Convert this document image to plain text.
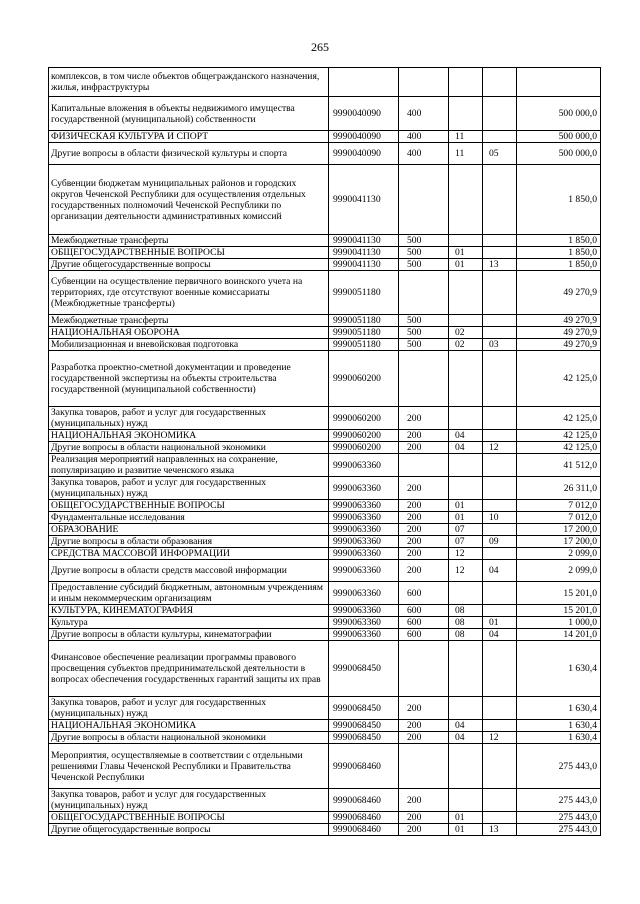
265
комплексов, в том числе объектов общегражданского назначения, жилья, инфраструктуры					
Капитальные вложения в объекты недвижимого имущества государственной (муниципальной) собственности	9990040090	400			500 000,0
ФИЗИЧЕСКАЯ КУЛЬТУРА И СПОРТ	9990040090	400	11		500 000,0
Другие вопросы в области физической культуры и спорта	9990040090	400	11	05	500 000,0
Субвенции бюджетам муниципальных районов и городских округов Чеченской Республики для осуществления отдельных государственных полномочий Чеченской Республики по организации деятельности административных комиссий	9990041130				1 850,0
Межбюджетные трансферты	9990041130	500			1 850,0
ОБЩЕГОСУДАРСТВЕННЫЕ ВОПРОСЫ	9990041130	500	01		1 850,0
Другие общегосударственные вопросы	9990041130	500	01	13	1 850,0
Субвенции на осуществление первичного воинского учета на территориях, где отсутствуют военные комиссариаты (Межбюджетные трансферты)	9990051180				49 270,9
Межбюджетные трансферты	9990051180	500			49 270,9
НАЦИОНАЛЬНАЯ ОБОРОНА	9990051180	500	02		49 270,9
Мобилизационная и вневойсковая подготовка	9990051180	500	02	03	49 270,9
Разработка проектно-сметной документации и проведение государственной экспертизы на объекты строительства государственной (муниципальной собственности)	9990060200				42 125,0
Закупка товаров, работ и услуг для государственных (муниципальных) нужд	9990060200	200			42 125,0
НАЦИОНАЛЬНАЯ ЭКОНОМИКА	9990060200	200	04		42 125,0
Другие вопросы в области национальной экономики	9990060200	200	04	12	42 125,0
Реализация мероприятий направленных на сохранение, популяризацию и развитие чеченского языка	9990063360				41 512,0
Закупка товаров, работ и услуг для государственных (муниципальных) нужд	9990063360	200			26 311,0
ОБЩЕГОСУДАРСТВЕННЫЕ ВОПРОСЫ	9990063360	200	01		7 012,0
Фундаментальные исследования	9990063360	200	01	10	7 012,0
ОБРАЗОВАНИЕ	9990063360	200	07		17 200,0
Другие вопросы в области образования	9990063360	200	07	09	17 200,0
СРЕДСТВА МАССОВОЙ ИНФОРМАЦИИ	9990063360	200	12		2 099,0
Другие вопросы в области средств массовой информации	9990063360	200	12	04	2 099,0
Предоставление субсидий бюджетным, автономным учреждениям и иным некоммерческим организациям	9990063360	600			15 201,0
КУЛЬТУРА, КИНЕМАТОГРАФИЯ	9990063360	600	08		15 201,0
Культура	9990063360	600	08	01	1 000,0
Другие вопросы в области культуры, кинематографии	9990063360	600	08	04	14 201,0
Финансовое обеспечение реализации программы правового просвещения субъектов предпринимательской деятельности в вопросах обеспечения государственных гарантий защиты их прав	9990068450				1 630,4
Закупка товаров, работ и услуг для государственных (муниципальных) нужд	9990068450	200			1 630,4
НАЦИОНАЛЬНАЯ ЭКОНОМИКА	9990068450	200	04		1 630,4
Другие вопросы в области национальной экономики	9990068450	200	04	12	1 630,4
Мероприятия, осуществляемые в соответствии с отдельными решениями Главы Чеченской Республики и Правительства Чеченской Республики	9990068460				275 443,0
Закупка товаров, работ и услуг для государственных (муниципальных) нужд	9990068460	200			275 443,0
ОБЩЕГОСУДАРСТВЕННЫЕ ВОПРОСЫ	9990068460	200	01		275 443,0
Другие общегосударственные вопросы	9990068460	200	01	13	275 443,0
